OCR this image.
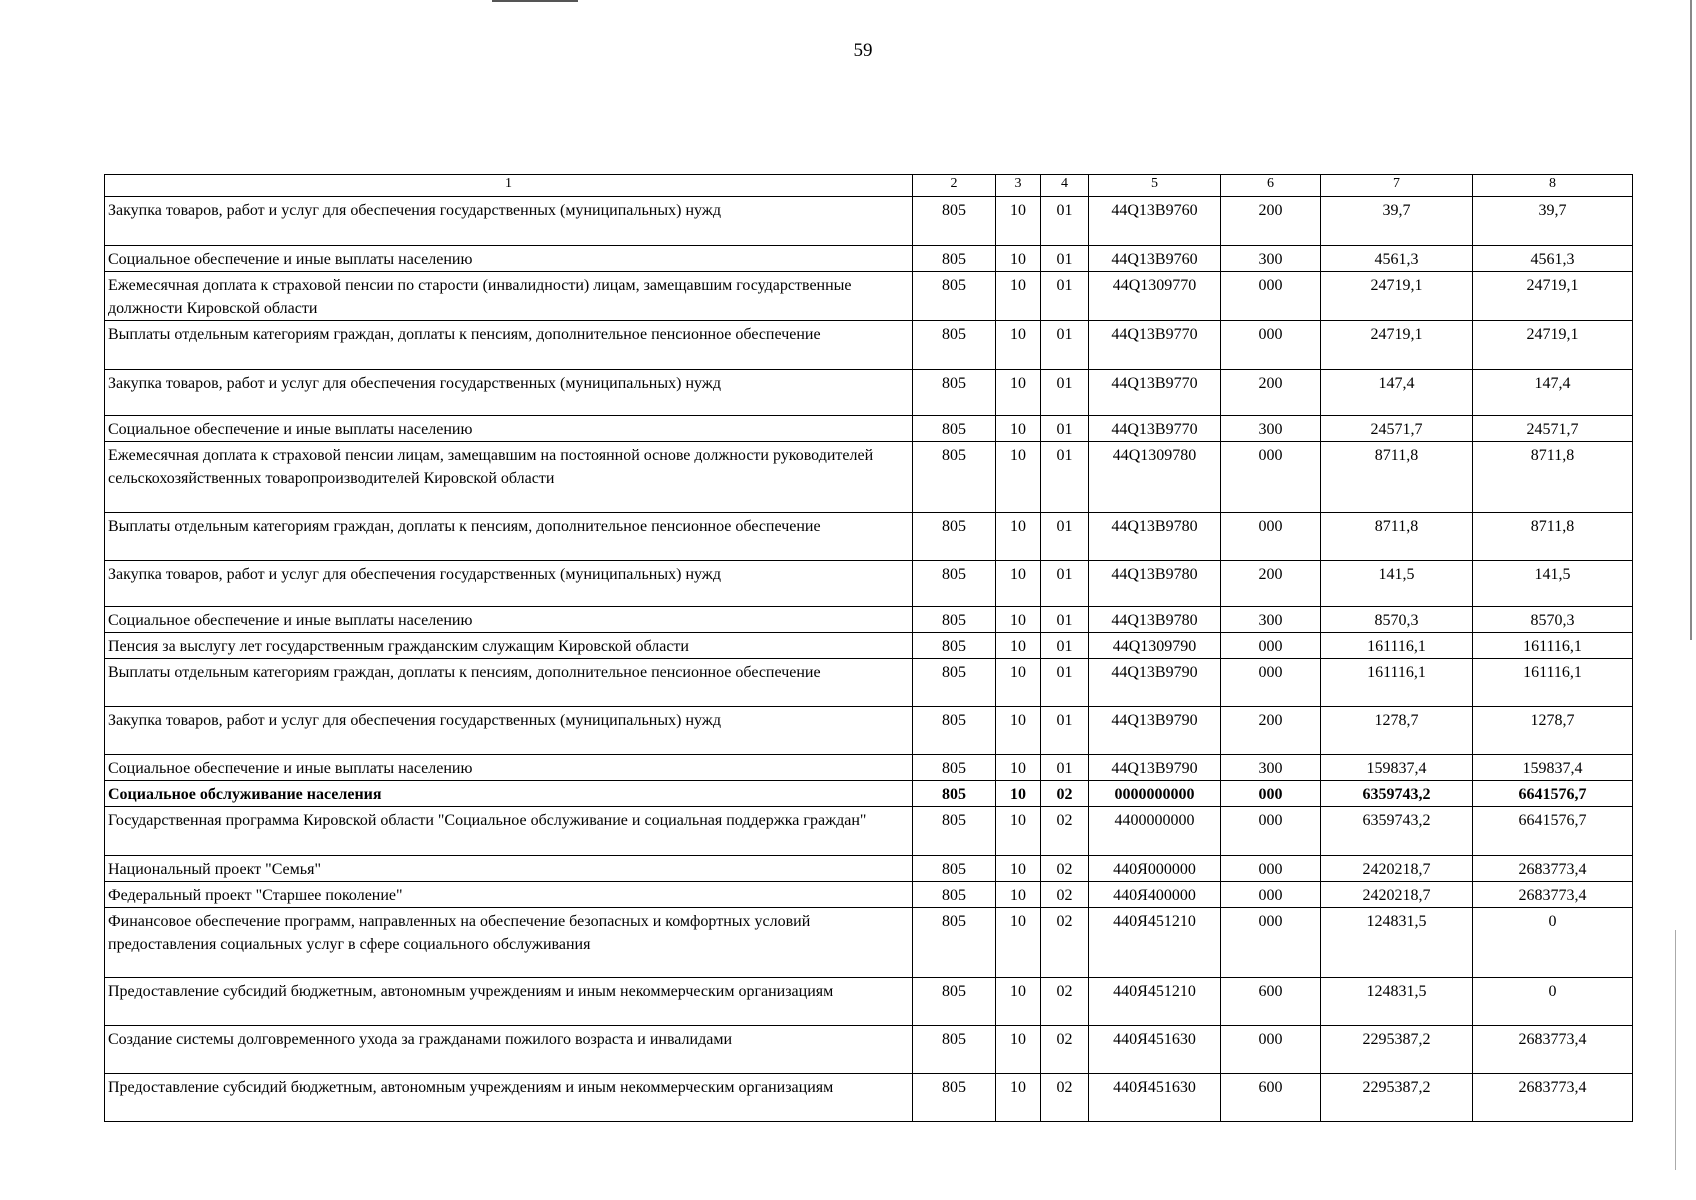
59
1	2	3	4	5	6	7	8
Закупка товаров, работ и услуг для обеспечения государственных (муниципальных) нужд	805	10	01	44Q13B9760	200	39,7	39,7
Социальное обеспечение и иные выплаты населению	805	10	01	44Q13B9760	300	4561,3	4561,3
Ежемесячная доплата к страховой пенсии по старости (инвалидности) лицам, замещавшим государственные должности Кировской области	805	10	01	44Q1309770	000	24719,1	24719,1
Выплаты отдельным категориям граждан, доплаты к пенсиям, дополнительное пенсионное обеспечение	805	10	01	44Q13B9770	000	24719,1	24719,1
Закупка товаров, работ и услуг для обеспечения государственных (муниципальных) нужд	805	10	01	44Q13B9770	200	147,4	147,4
Социальное обеспечение и иные выплаты населению	805	10	01	44Q13B9770	300	24571,7	24571,7
Ежемесячная доплата к страховой пенсии лицам, замещавшим на постоянной основе должности руководителей сельскохозяйственных товаропроизводителей Кировской области	805	10	01	44Q1309780	000	8711,8	8711,8
Выплаты отдельным категориям граждан, доплаты к пенсиям, дополнительное пенсионное обеспечение	805	10	01	44Q13B9780	000	8711,8	8711,8
Закупка товаров, работ и услуг для обеспечения государственных (муниципальных) нужд	805	10	01	44Q13B9780	200	141,5	141,5
Социальное обеспечение и иные выплаты населению	805	10	01	44Q13B9780	300	8570,3	8570,3
Пенсия за выслугу лет государственным гражданским служащим Кировской области	805	10	01	44Q1309790	000	161116,1	161116,1
Выплаты отдельным категориям граждан, доплаты к пенсиям, дополнительное пенсионное обеспечение	805	10	01	44Q13B9790	000	161116,1	161116,1
Закупка товаров, работ и услуг для обеспечения государственных (муниципальных) нужд	805	10	01	44Q13B9790	200	1278,7	1278,7
Социальное обеспечение и иные выплаты населению	805	10	01	44Q13B9790	300	159837,4	159837,4
Социальное обслуживание населения	805	10	02	0000000000	000	6359743,2	6641576,7
Государственная программа Кировской области "Социальное обслуживание и социальная поддержка граждан"	805	10	02	4400000000	000	6359743,2	6641576,7
Национальный проект "Семья"	805	10	02	440Я000000	000	2420218,7	2683773,4
Федеральный проект "Старшее поколение"	805	10	02	440Я400000	000	2420218,7	2683773,4
Финансовое обеспечение программ, направленных на обеспечение безопасных и комфортных условий предоставления социальных услуг в сфере социального обслуживания	805	10	02	440Я451210	000	124831,5	0
Предоставление субсидий бюджетным, автономным учреждениям и иным некоммерческим организациям	805	10	02	440Я451210	600	124831,5	0
Создание системы долговременного ухода за гражданами пожилого возраста и инвалидами	805	10	02	440Я451630	000	2295387,2	2683773,4
Предоставление субсидий бюджетным, автономным учреждениям и иным некоммерческим организациям	805	10	02	440Я451630	600	2295387,2	2683773,4
